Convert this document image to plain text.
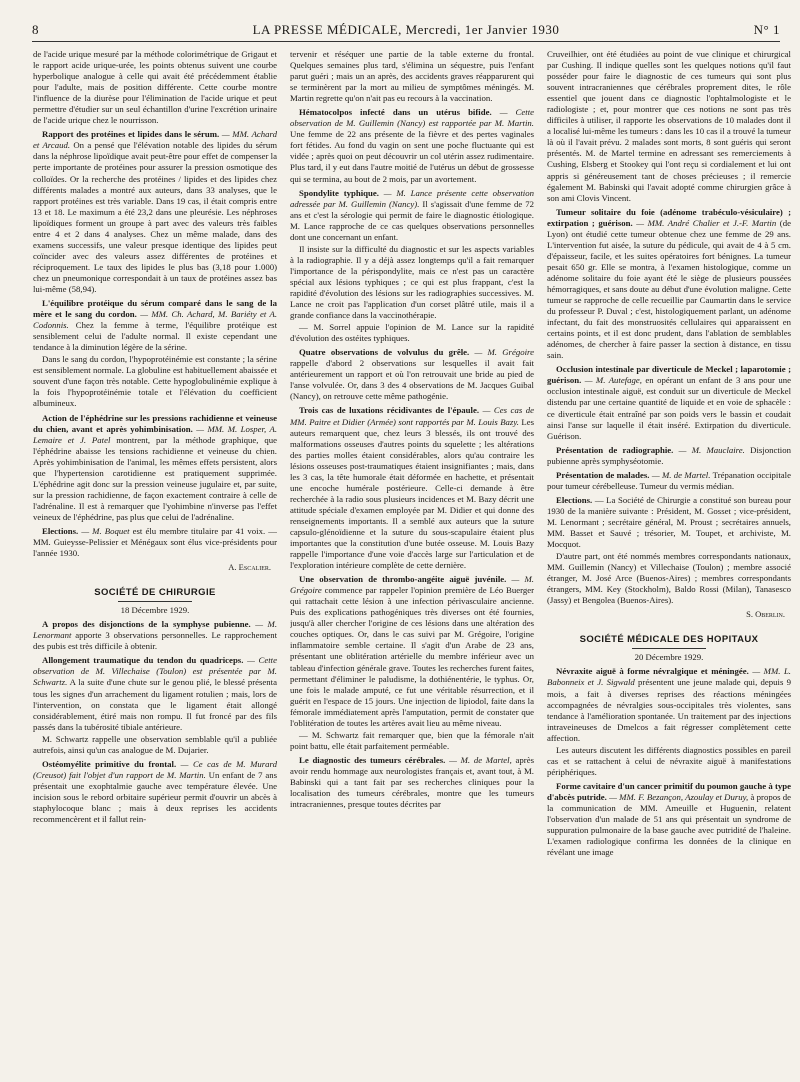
8	LA PRESSE MÉDICALE, Mercredi, 1er Janvier 1930	N° 1

de l'acide urique mesuré par la méthode colorimétrique de Grigaut et le rapport acide urique-urée, les points obtenus suivent une courbe hyperbolique analogue à celle qui avait été précédemment établie pour l'adulte, mais de position différente. Cette courbe montre l'influence de la diurèse pour l'élimination de l'acide urique et peut permettre d'étudier sur un seul échantillon d'urine l'excrétion urinaire de l'acide urique chez le nourrisson.

Rapport des protéines et lipides dans le sérum. — MM. Achard et Arcaud. On a pensé que l'élévation notable des lipides du sérum dans la néphrose lipoïdique avait peut-être pour effet de compenser la perte importante de protéines pour assurer la pression osmotique des colloïdes. Or la recherche des protéines / lipides et des lipides chez différents malades a montré aux auteurs, dans 33 analyses, que le rapport protéines est très variable. Dans 19 cas, il était compris entre 13 et 18. Le maximum a été 23,2 dans une pleurésie. Les néphroses lipoïdiques forment un groupe à part avec des valeurs très faibles entre 4 et 2 dans 4 analyses. Chez un même malade, dans des examens successifs, une valeur presque identique des lipides peut coïncider avec des valeurs assez différentes de protéines et réciproquement. Le taux des lipides le plus bas (3,18 pour 1.000) chez un pneumonique correspondait à un taux de protéines assez bas lui-même (58,94).

L'équilibre protéique du sérum comparé dans le sang de la mère et le sang du cordon. — MM. Ch. Achard, M. Bariéty et A. Codonnis. Chez la femme à terme, l'équilibre protéique est sensiblement celui de l'adulte normal. Il existe cependant une tendance à la diminution légère de la sérine.

Dans le sang du cordon, l'hypoprotéinémie est constante ; la sérine est sensiblement normale. La globuline est habituellement abaissée et souvent d'une façon très notable. Cette hypoglobulinémie explique à la fois l'hypoprotéinémie totale et l'élévation du coefficient albumineux.

Action de l'éphédrine sur les pressions rachidienne et veineuse du chien, avant et après yohimbinisation. — MM. M. Losper, A. Lemaire et J. Patel montrent, par la méthode graphique, que l'éphédrine abaisse les tensions rachidienne et veineuse du chien. Après yohimbinisation de l'animal, les mêmes effets persistent, alors que l'hypertension carotidienne est pratiquement supprimée. L'éphédrine agit donc sur la pression veineuse jugulaire et, par suite, sur la pression rachidienne, de façon exactement contraire à celle de l'adrénaline. Il est à remarquer que l'yohimbine n'inverse pas l'effet veineux de l'éphédrine, pas plus que celui de l'adrénaline.

Elections. — M. Boquet est élu membre titulaire par 41 voix. — MM. Guieysse-Pelissier et Ménégaux sont élus vice-présidents pour l'année 1930.

A. Escalier.
SOCIÉTÉ DE CHIRURGIE
18 Décembre 1929.

A propos des disjonctions de la symphyse pubienne. — M. Lenormant apporte 3 observations personnelles. Le rapprochement des pubis est très difficile à obtenir.

Allongement traumatique du tendon du quadriceps. — Cette observation de M. Villechaise (Toulon) est présentée par M. Schwartz. A la suite d'une chute sur le genou plié, le blessé présenta tous les signes d'un arrachement du ligament rotulien ; mais, lors de l'intervention, on constata que le ligament était allongé considérablement, étiré mais non rompu. Il fut froncé par des fils passés dans la tubérosité tibiale antérieure.

M. Schwartz rappelle une observation semblable qu'il a publiée autrefois, ainsi qu'un cas analogue de M. Dujarier.

Ostéomyélite primitive du frontal. — Ce cas de M. Murard (Creusot) fait l'objet d'un rapport de M. Martin. Un enfant de 7 ans présentait une exophtalmie gauche avec température élevée. Une incision sous le rebord orbitaire supérieur permit d'ouvrir un abcès à staphylocoque blanc ; mais à deux reprises les accidents recommencèrent et il fallut rein-

tervenir et réséquer une partie de la table externe du frontal. Quelques semaines plus tard, s'élimina un séquestre, puis l'enfant parut guéri ; mais un an après, des accidents graves réapparurent qui se terminèrent par la mort au milieu de symptômes méningés. M. Martin regrette qu'on n'ait pas eu recours à la vaccination.

Hématocolpos infecté dans un utérus bifide. — Cette observation de M. Guillemin (Nancy) est rapportée par M. Martin. Une femme de 22 ans présente de la fièvre et des pertes vaginales fort fétides. Au fond du vagin on sent une poche fluctuante qui est vidée ; après quoi on peut découvrir un col utérin assez rudimentaire. Plus tard, il y eut dans l'autre moitié de l'utérus un début de grossesse qui se termina, au bout de 2 mois, par un avortement.

Spondylite typhique. — M. Lance présente cette observation adressée par M. Guillemin (Nancy). Il s'agissait d'une femme de 72 ans et c'est la sérologie qui permit de faire le diagnostic étiologique. M. Lance rapproche de ce cas quelques observations personnelles dont une concernant un enfant.

Il insiste sur la difficulté du diagnostic et sur les aspects variables à la radiographie. Il y a déjà assez longtemps qu'il a fait remarquer l'importance de la périspondylite, mais ce n'est pas un caractère spécial aux lésions typhiques ; ce qui est plus frappant, c'est la rapidité d'évolution des lésions sur les radiographies successives. M. Lance ne croit pas l'application d'un corset plâtré utile, mais il a grande confiance dans la vaccinothérapie.

— M. Sorrel appuie l'opinion de M. Lance sur la rapidité d'évolution des ostéites typhiques.

Quatre observations de volvulus du grêle. — M. Grégoire rappelle d'abord 2 observations sur lesquelles il avait fait antérieurement un rapport et où l'on retrouvait une bride au pied de l'anse volvulée. Or, dans 3 des 4 observations de M. Jacques Guibal (Nancy), on retrouve cette même pathogénie.

Trois cas de luxations récidivantes de l'épaule. — Ces cas de MM. Paitre et Didier (Armée) sont rapportés par M. Louis Bazy. Les auteurs remarquent que, chez leurs 3 blessés, ils ont trouvé des malformations osseuses d'autres points du squelette ; les altérations des parties molles étaient considérables, alors qu'au contraire les lésions osseuses post-traumatiques étaient insignifiantes ; mais, dans les 3 cas, la tête humorale était déformée en hachette, et présentait une encoche humérale postérieure. Celle-ci demande à être recherchée à la radio sous plusieurs incidences et M. Bazy décrit une attitude spéciale d'examen employée par M. Didier et qui donne des renseignements importants. Il a semblé aux auteurs que la suture capsulo-glénoïdienne et la suture du sous-scapulaire étaient plus importantes que la constitution d'une butée osseuse. M. Louis Bazy rappelle l'importance d'une voie d'accès large sur l'articulation et de l'exploration intérieure complète de cette dernière.

Une observation de thrombo-angéite aiguë juvénile. — M. Grégoire commence par rappeler l'opinion première de Léo Buerger qui rattachait cette lésion à une infection périvasculaire ancienne. Puis des explications pathogéniques très diverses ont été fournies, jusqu'à aller chercher l'origine de ces lésions dans une altération des couches optiques. Or, dans le cas suivi par M. Grégoire, l'origine inflammatoire semble certaine. Il s'agit d'un Arabe de 23 ans, présentant une oblitération artérielle du membre inférieur avec un tableau d'infection générale grave. Toutes les recherches furent faites, permettant d'éliminer le paludisme, la dothiénentérie, le typhus. Or, une fois le malade amputé, ce fut une véritable résurrection, et il guérit en l'espace de 15 jours. Une injection de lipiodol, faite dans la fémorale immédiatement après l'amputation, permit de constater que l'oblitération de toutes les artères avait lieu au même niveau.

— M. Schwartz fait remarquer que, bien que la fémorale n'ait point battu, elle était parfaitement perméable.

Le diagnostic des tumeurs cérébrales. — M. de Martel, après avoir rendu hommage aux neurologistes français et, avant tout, à M. Babinski qui a tant fait par ses recherches cliniques pour la localisation des tumeurs cérébrales, montre que les tumeurs intracraniennes, presque toutes décrites par

Cruveilhier, ont été étudiées au point de vue clinique et chirurgical par Cushing. Il indique quelles sont les quelques notions qu'il faut posséder pour faire le diagnostic de ces tumeurs qui sont plus souvent intracraniennes que cérébrales proprement dites, le rôle essentiel que jouent dans ce diagnostic l'ophtalmologiste et le radiologiste ; et, pour montrer que ces notions ne sont pas très difficiles à utiliser, il rapporte les observations de 10 malades dont il a localisé lui-même les tumeurs : dans les 10 cas il a trouvé la tumeur là où il l'avait prévu. 2 malades sont morts, 8 sont guéris qui seront présentés. M. de Martel termine en adressant ses remerciements à Cushing, Elsberg et Stookey qui l'ont reçu si cordialement et lui ont appris si généreusement tant de choses précieuses ; il remercie également M. Babinski qui l'avait adopté comme chirurgien grâce à son ami Clovis Vincent.

Tumeur solitaire du foie (adénome trabéculo-vésiculaire) ; extirpation ; guérison. — MM. André Chalier et J.-F. Martin (de Lyon) ont étudié cette tumeur obtenue chez une femme de 29 ans. L'intervention fut aisée, la suture du pédicule, qui avait de 4 à 5 cm. d'épaisseur, facile, et les suites opératoires fort bénignes. La tumeur pesait 650 gr. Elle se montra, à l'examen histologique, comme un adénome solitaire du foie ayant été le siège de plusieurs poussées hémorragiques, et sans doute au début d'une évolution maligne. Cette tumeur se rapproche de celle recueillie par Caumartin dans le service du professeur P. Duval ; c'est, histologiquement parlant, un adénome infectant, du fait des monstruosités cellulaires qui apparaissent en certains points, et il est donc prudent, dans l'ablation de semblables adénomes, de chercher à faire passer la section à distance, en tissu sain.

Occlusion intestinale par diverticule de Meckel ; laparotomie ; guérison. — M. Autefage, en opérant un enfant de 3 ans pour une occlusion intestinale aiguë, est conduit sur un diverticule de Meckel distendu par une certaine quantité de liquide et en voie de sphacèle : ce diverticule était entraîné par son poids vers le bassin et coudait ainsi l'anse sur laquelle il était inséré. Extirpation du diverticule. Guérison.

Présentation de radiographie. — M. Mauclaire. Disjonction pubienne après symphyséotomie.

Présentation de malades. — M. de Martel. Trépanation occipitale pour tumeur cérébelleuse. Tumeur du vermis médian.

Elections. — La Société de Chirurgie a constitué son bureau pour 1930 de la manière suivante : Président, M. Gosset ; vice-président, M. Lenormant ; secrétaire général, M. Proust ; secrétaires annuels, MM. Basset et Sauvé ; trésorier, M. Toupet, et archiviste, M. Mocquot.

D'autre part, ont été nommés membres correspondants nationaux, MM. Guillemin (Nancy) et Villechaise (Toulon) ; membre associé étranger, M. José Arce (Buenos-Aires) ; membres correspondants étrangers, MM. Key (Stockholm), Baldo Rossi (Milan), Tanasesco (Jassy) et Bengolea (Buenos-Aires).

S. Oberlin.
SOCIÉTÉ MÉDICALE DES HOPITAUX
20 Décembre 1929.

Névraxite aiguë à forme névralgique et méningée. — MM. L. Babonneix et J. Sigwald présentent une jeune malade qui, depuis 9 mois, a fait à diverses reprises des réactions méningées accompagnées de névralgies sous-occipitales très violentes, sans tendance à l'amélioration spontanée. Un traitement par des injections intraveineuses de Dmelcos a fait régresser complètement cette affection.

Les auteurs discutent les différents diagnostics possibles en pareil cas et se rattachent à celui de névraxite aiguë à manifestations périphériques.

Forme cavitaire d'un cancer primitif du poumon gauche à type d'abcès putride. — MM. F. Bezançon, Azoulay et Duruy, à propos de la communication de MM. Ameuille et Huguenin, relatent l'observation d'un malade de 51 ans qui présentait un syndrome de suppuration pulmonaire de la base gauche avec putridité de l'haleine. L'examen radiologique confirma les données de la clinique en révélant une image
